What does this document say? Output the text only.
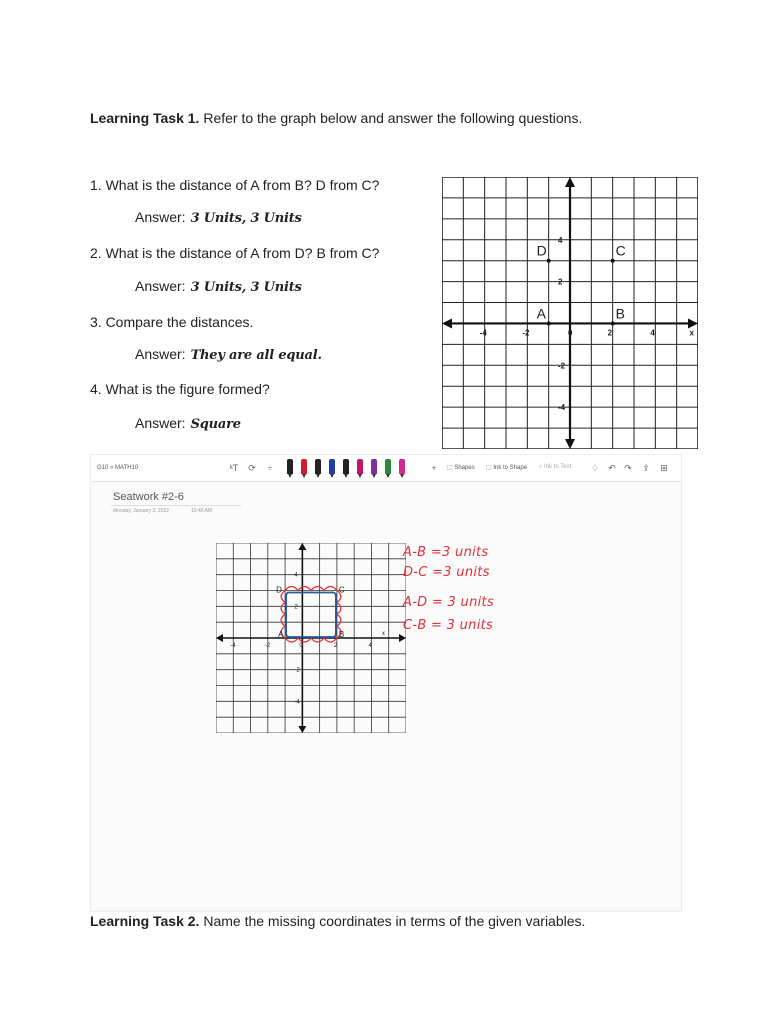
Learning Task 1. Refer to the graph below and answer the following questions.
1. What is the distance of A from B? D from C?
Answer: 3 Units, 3 Units
2. What is the distance of A from D? B from C?
Answer: 3 Units, 3 Units
3. Compare the distances.
Answer: They are all equal.
4. What is the figure formed?
Answer: Square
-4	-2	0	2	4	x
4
2
-2
-4
A	B
C
D
G10 » MATH10	ᵏT	⟳	÷	+	⬚ Shapes ⬚ Ink to Shape ⌕ Ink to Text	♢	↶ ↷	⇪	⊞
Seatwork #2-6
Monday, January 3, 2022	10:40 AM
-4	-2	0	2	4
x
4
2
-2
-4
D	C
A	B
A-B =3 units
D-C =3 units
A-D = 3 units
C-B = 3 units
Learning Task 2. Name the missing coordinates in terms of the given variables.
